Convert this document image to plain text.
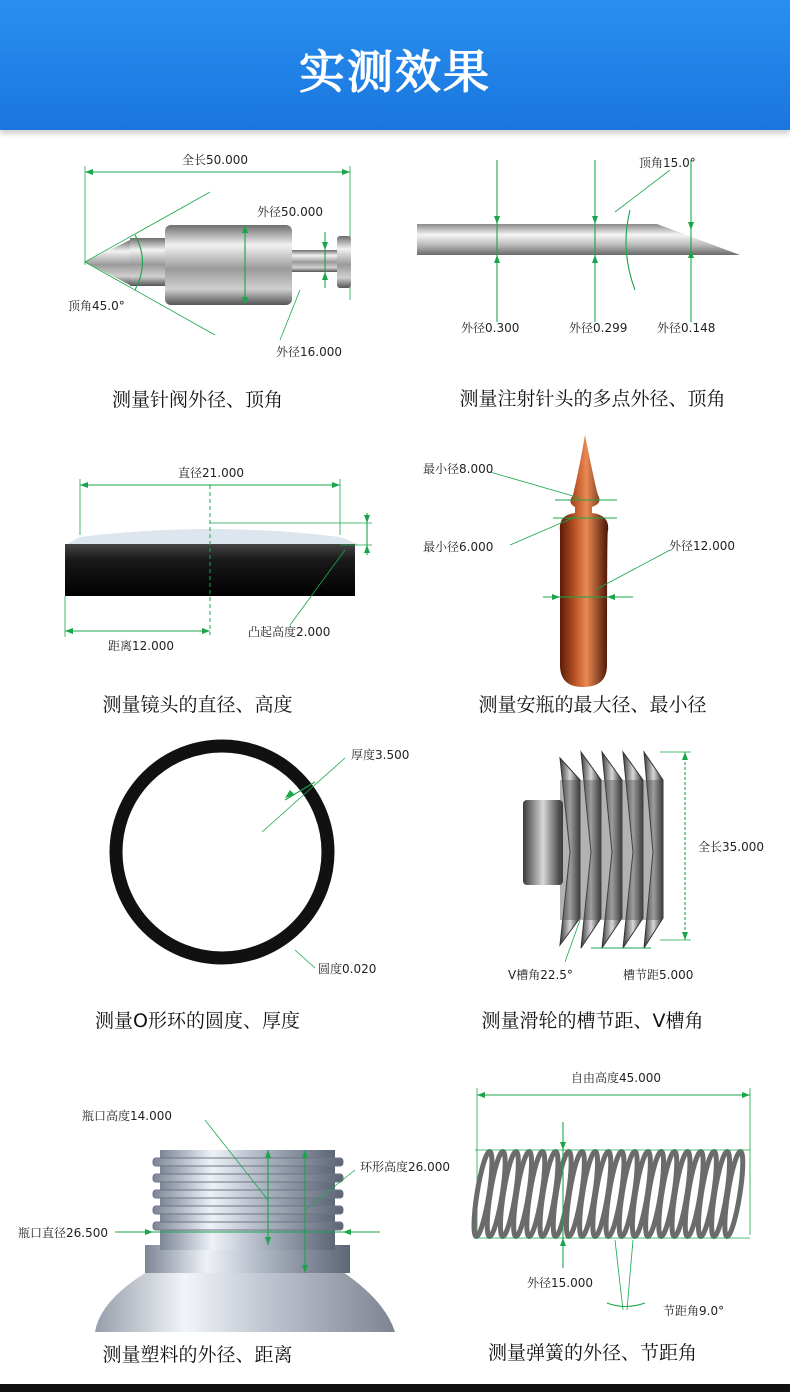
实测效果
全长50.000
外径50.000
外径16.000
顶角45.0°
测量针阀外径、顶角
顶角15.0°
外径0.300	外径0.299 外径0.148
测量注射针头的多点外径、顶角
直径21.000
凸起高度2.000
距离12.000
测量镜头的直径、高度
最小径8.000
最小径6.000	外径12.000
测量安瓶的最大径、最小径
厚度3.500
圆度0.020
测量O形环的圆度、厚度
全长35.000
V槽角22.5°	槽节距5.000
测量滑轮的槽节距、V槽角
瓶口高度14.000
环形高度26.000
瓶口直径26.500
测量塑料的外径、距离
自由高度45.000
外径15.000
节距角9.0°
测量弹簧的外径、节距角
